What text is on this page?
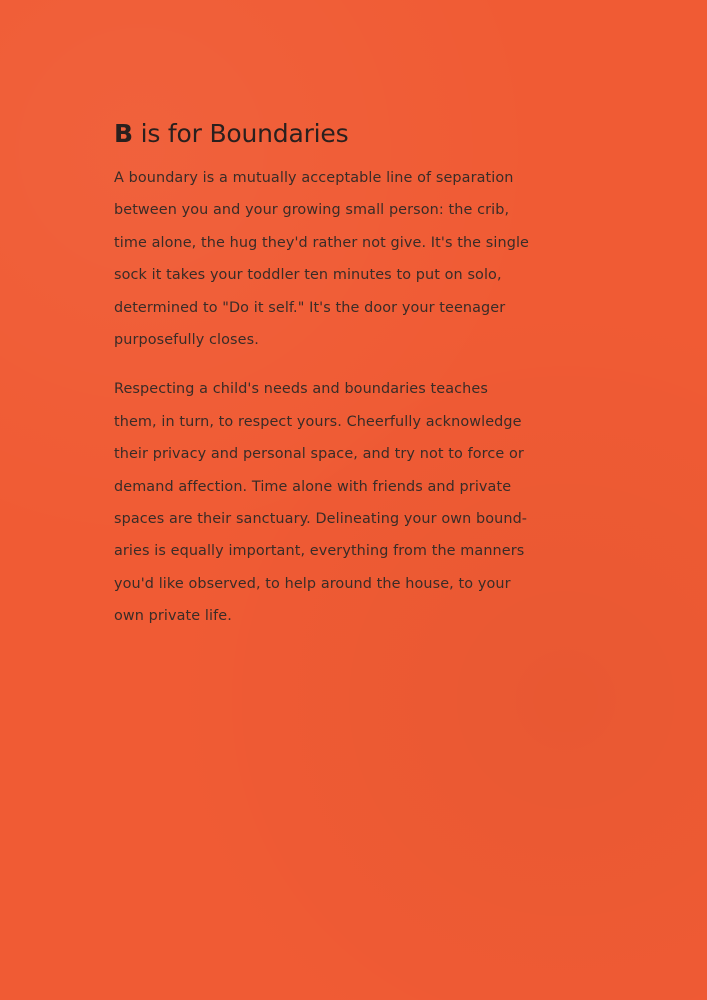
B is for Boundaries

A boundary is a mutually acceptable line of separation
between you and your growing small person: the crib,
time alone, the hug they'd rather not give. It's the single
sock it takes your toddler ten minutes to put on solo,
determined to "Do it self." It's the door your teenager
purposefully closes.

Respecting a child's needs and boundaries teaches
them, in turn, to respect yours. Cheerfully acknowledge
their privacy and personal space, and try not to force or
demand affection. Time alone with friends and private
spaces are their sanctuary. Delineating your own bound-
aries is equally important, everything from the manners
you'd like observed, to help around the house, to your
own private life.
